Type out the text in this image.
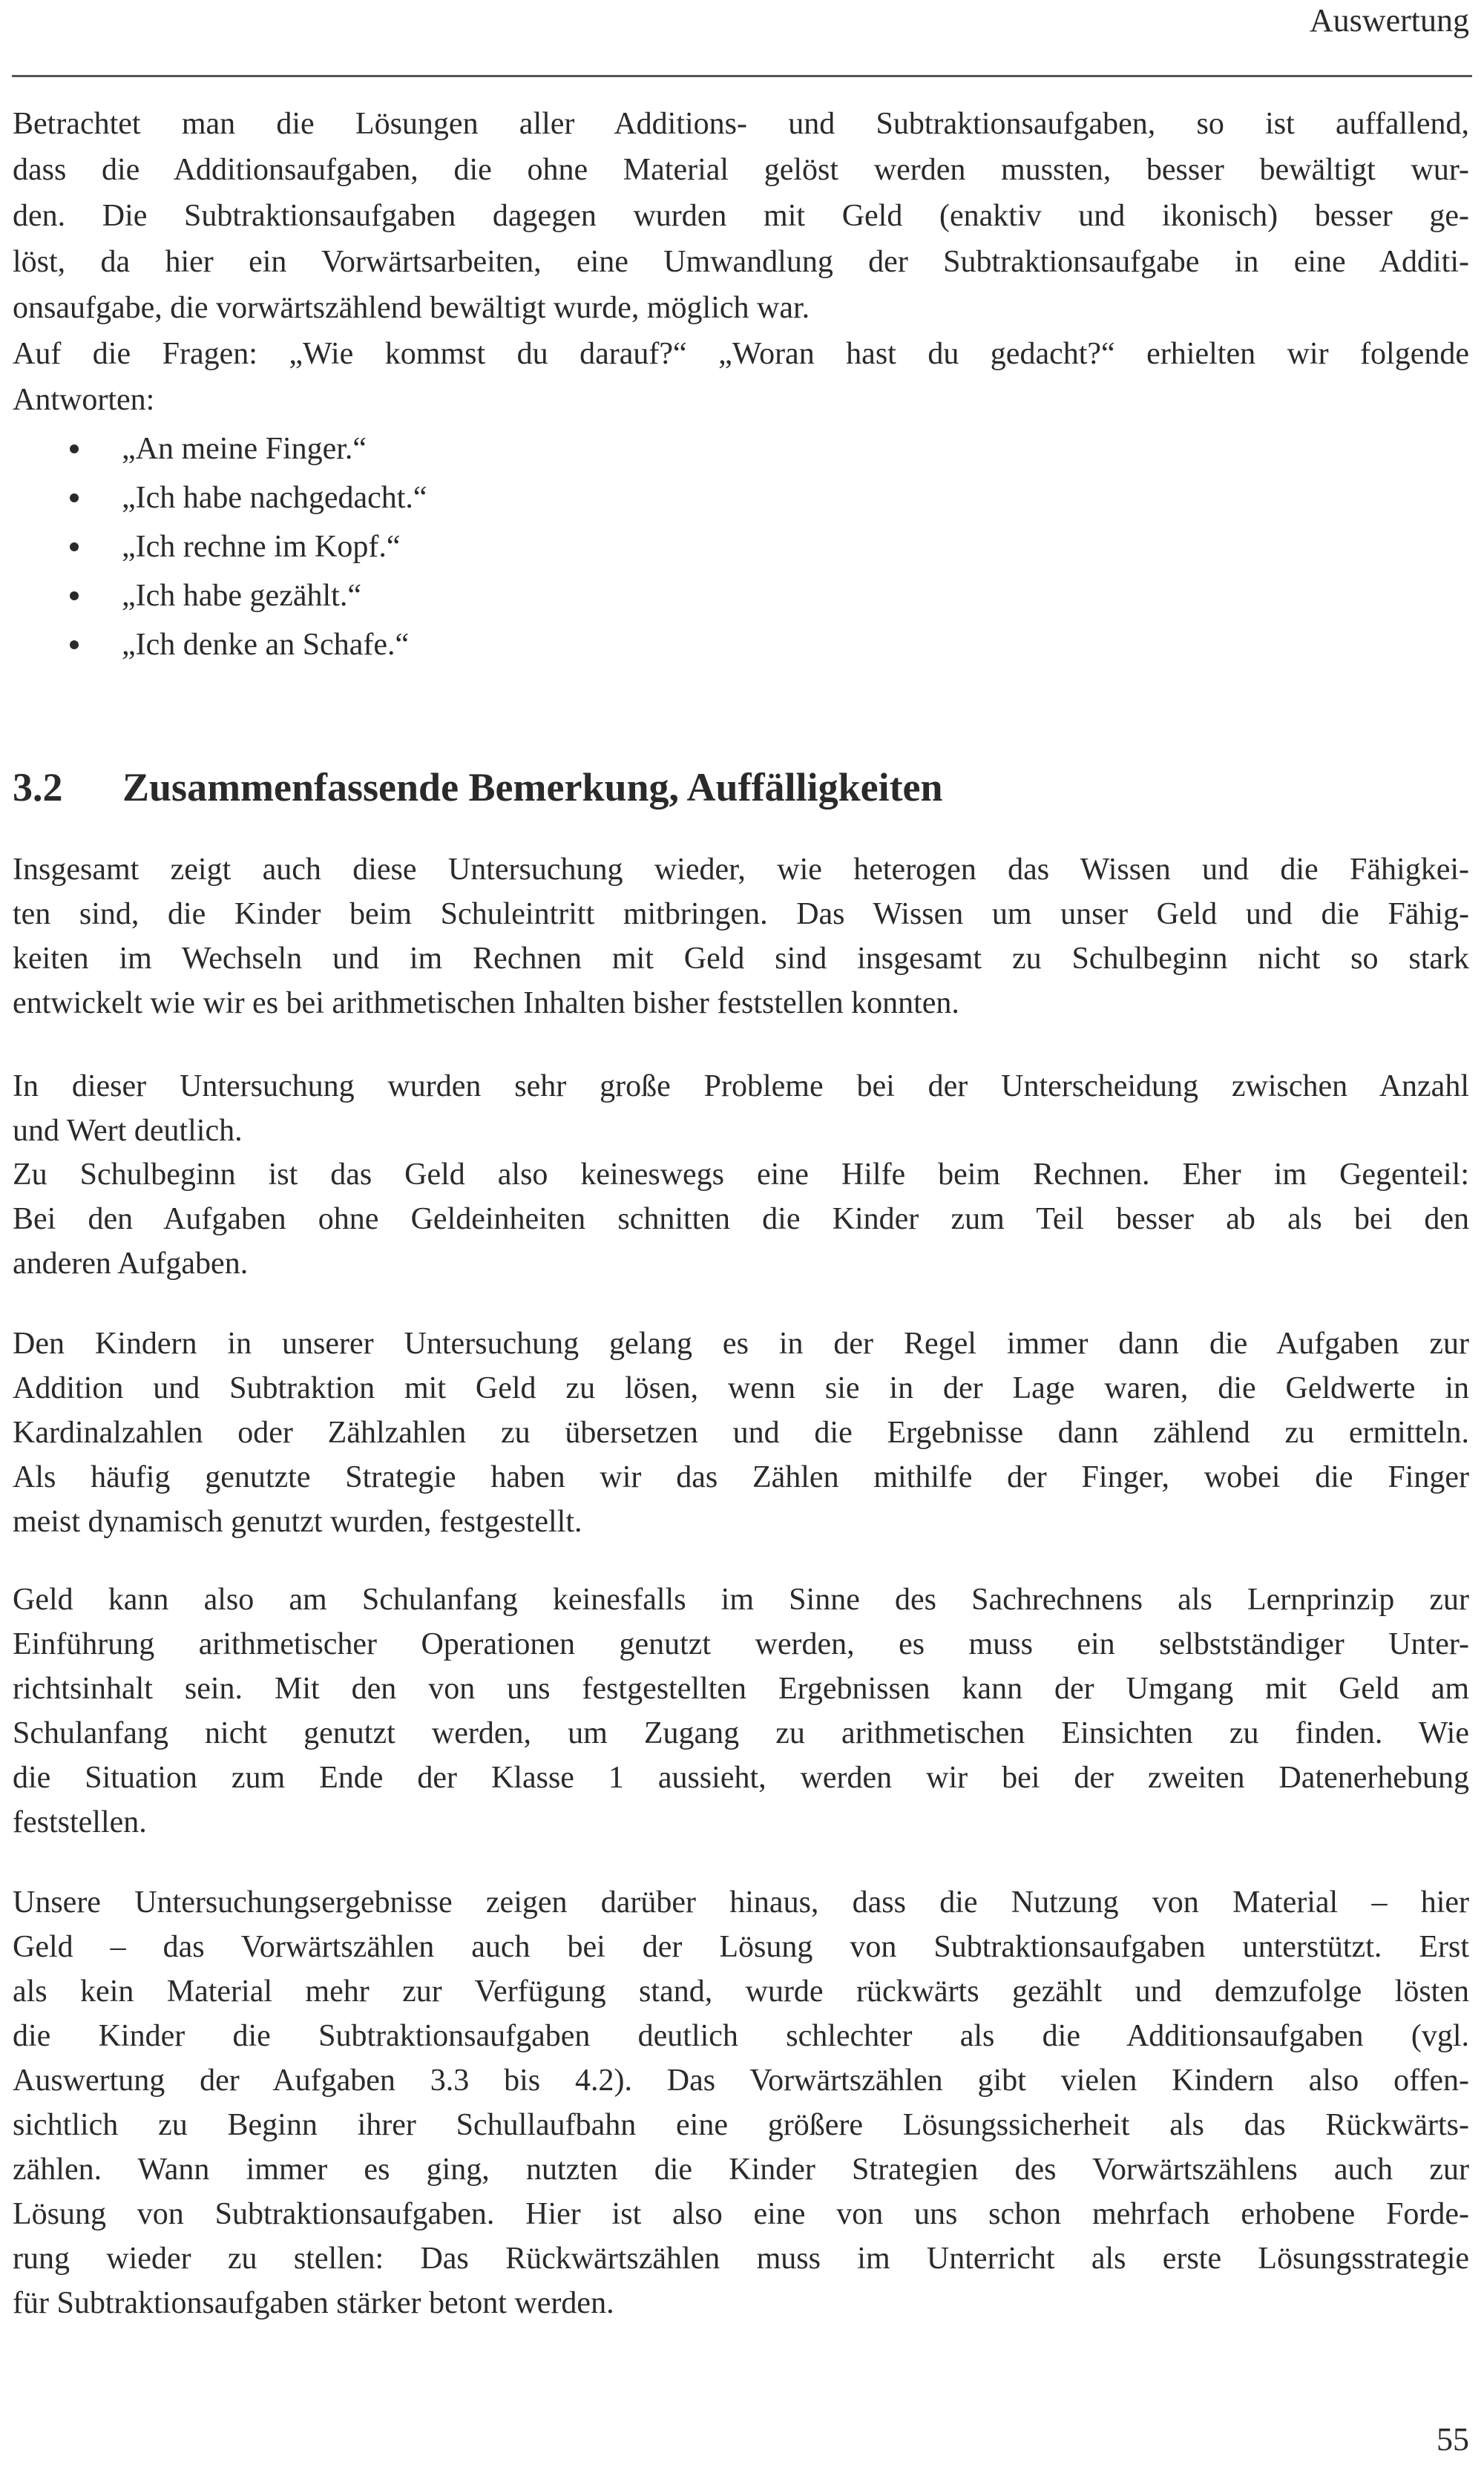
Auswertung
Betrachtet man die Lösungen aller Additions- und Subtraktionsaufgaben, so ist auffallend,
dass die Additionsaufgaben, die ohne Material gelöst werden mussten, besser bewältigt wur-
den. Die Subtraktionsaufgaben dagegen wurden mit Geld (enaktiv und ikonisch) besser ge-
löst, da hier ein Vorwärtsarbeiten, eine Umwandlung der Subtraktionsaufgabe in eine Additi-
onsaufgabe, die vorwärtszählend bewältigt wurde, möglich war.
Auf die Fragen: „Wie kommst du darauf?“ „Woran hast du gedacht?“ erhielten wir folgende
Antworten:
„An meine Finger.“
„Ich habe nachgedacht.“
„Ich rechne im Kopf.“
„Ich habe gezählt.“
„Ich denke an Schafe.“
3.2 Zusammenfassende Bemerkung, Auffälligkeiten
Insgesamt zeigt auch diese Untersuchung wieder, wie heterogen das Wissen und die Fähigkei-
ten sind, die Kinder beim Schuleintritt mitbringen. Das Wissen um unser Geld und die Fähig-
keiten im Wechseln und im Rechnen mit Geld sind insgesamt zu Schulbeginn nicht so stark
entwickelt wie wir es bei arithmetischen Inhalten bisher feststellen konnten.
In dieser Untersuchung wurden sehr große Probleme bei der Unterscheidung zwischen Anzahl
und Wert deutlich.
Zu Schulbeginn ist das Geld also keineswegs eine Hilfe beim Rechnen. Eher im Gegenteil:
Bei den Aufgaben ohne Geldeinheiten schnitten die Kinder zum Teil besser ab als bei den
anderen Aufgaben.
Den Kindern in unserer Untersuchung gelang es in der Regel immer dann die Aufgaben zur
Addition und Subtraktion mit Geld zu lösen, wenn sie in der Lage waren, die Geldwerte in
Kardinalzahlen oder Zählzahlen zu übersetzen und die Ergebnisse dann zählend zu ermitteln.
Als häufig genutzte Strategie haben wir das Zählen mithilfe der Finger, wobei die Finger
meist dynamisch genutzt wurden, festgestellt.
Geld kann also am Schulanfang keinesfalls im Sinne des Sachrechnens als Lernprinzip zur
Einführung arithmetischer Operationen genutzt werden, es muss ein selbstständiger Unter-
richtsinhalt sein. Mit den von uns festgestellten Ergebnissen kann der Umgang mit Geld am
Schulanfang nicht genutzt werden, um Zugang zu arithmetischen Einsichten zu finden. Wie
die Situation zum Ende der Klasse 1 aussieht, werden wir bei der zweiten Datenerhebung
feststellen.
Unsere Untersuchungsergebnisse zeigen darüber hinaus, dass die Nutzung von Material – hier
Geld – das Vorwärtszählen auch bei der Lösung von Subtraktionsaufgaben unterstützt. Erst
als kein Material mehr zur Verfügung stand, wurde rückwärts gezählt und demzufolge lösten
die Kinder die Subtraktionsaufgaben deutlich schlechter als die Additionsaufgaben (vgl.
Auswertung der Aufgaben 3.3 bis 4.2). Das Vorwärtszählen gibt vielen Kindern also offen-
sichtlich zu Beginn ihrer Schullaufbahn eine größere Lösungssicherheit als das Rückwärts-
zählen. Wann immer es ging, nutzten die Kinder Strategien des Vorwärtszählens auch zur
Lösung von Subtraktionsaufgaben. Hier ist also eine von uns schon mehrfach erhobene Forde-
rung wieder zu stellen: Das Rückwärtszählen muss im Unterricht als erste Lösungsstrategie
für Subtraktionsaufgaben stärker betont werden.
55
